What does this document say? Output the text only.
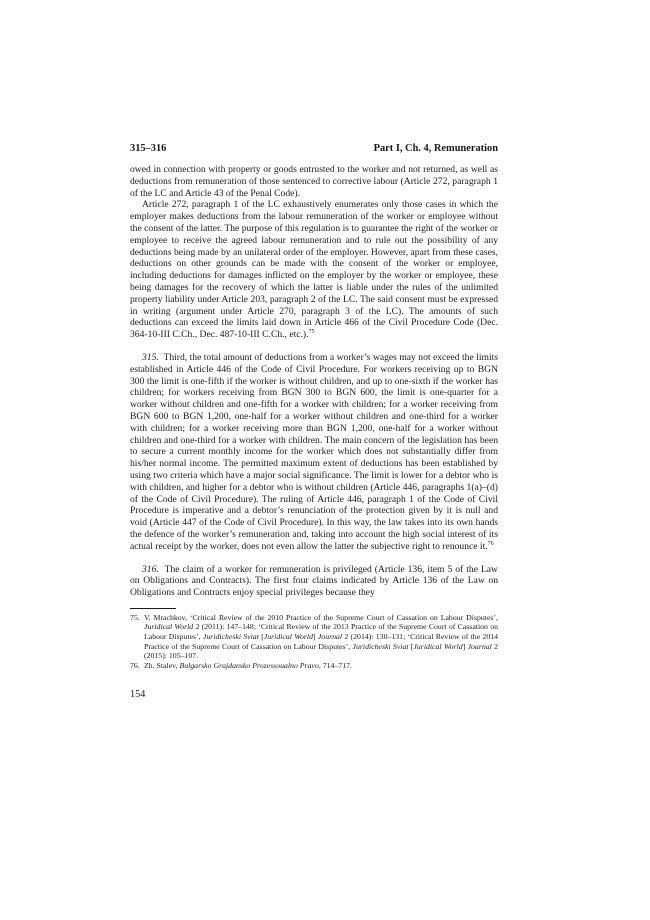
315–316	Part I, Ch. 4, Remuneration

owed in connection with property or goods entrusted to the worker and not returned, as well as deductions from remuneration of those sentenced to corrective labour (Article 272, paragraph 1 of the LC and Article 43 of the Penal Code).

Article 272, paragraph 1 of the LC exhaustively enumerates only those cases in which the employer makes deductions from the labour remuneration of the worker or employee without the consent of the latter. The purpose of this regulation is to guarantee the right of the worker or employee to receive the agreed labour remuneration and to rule out the possibility of any deductions being made by an unilateral order of the employer. However, apart from these cases, deductions on other grounds can be made with the consent of the worker or employee, including deductions for damages inflicted on the employer by the worker or employee, these being damages for the recovery of which the latter is liable under the rules of the unlimited property liability under Article 203, paragraph 2 of the LC. The said consent must be expressed in writing (argument under Article 270, paragraph 3 of the LC). The amounts of such deductions can exceed the limits laid down in Article 466 of the Civil Procedure Code (Dec. 364-10-III C.Ch., Dec. 487-10-III C.Ch., etc.).$^{75}$

315. Third, the total amount of deductions from a worker’s wages may not exceed the limits established in Article 446 of the Code of Civil Procedure. For workers receiving up to BGN 300 the limit is one-fifth if the worker is without children, and up to one-sixth if the worker has children; for workers receiving from BGN 300 to BGN 600, the limit is one-quarter for a worker without children and one-fifth for a worker with children; for a worker receiving from BGN 600 to BGN 1,200, one-half for a worker without children and one-third for a worker with children; for a worker receiving more than BGN 1,200, one-half for a worker without children and one-third for a worker with children. The main concern of the legislation has been to secure a current monthly income for the worker which does not substantially differ from his/her normal income. The permitted maximum extent of deductions has been established by using two criteria which have a major social significance. The limit is lower for a debtor who is with children, and higher for a debtor who is without children (Article 446, paragraphs 1(a)–(d) of the Code of Civil Procedure). The ruling of Article 446, paragraph 1 of the Code of Civil Procedure is imperative and a debtor’s renunciation of the protection given by it is null and void (Article 447 of the Code of Civil Procedure). In this way, the law takes into its own hands the defence of the worker’s remuneration and, taking into account the high social interest of its actual receipt by the worker, does not even allow the latter the subjective right to renounce it.$^{76}$

316. The claim of a worker for remuneration is privileged (Article 136, item 5 of the Law on Obligations and Contracts). The first four claims indicated by Article 136 of the Law on Obligations and Contracts enjoy special privileges because they

75. V. Mrachkov, ‘Critical Review of the 2010 Practice of the Supreme Court of Cassation on Labour Disputes’, Juridical World 2 (2011): 147–148; ‘Critical Review of the 2013 Practice of the Supreme Court of Cassation on Labour Disputes’, Juridicheski Sviat [Juridical World] Journal 2 (2014): 130–131; ‘Critical Review of the 2014 Practice of the Supreme Court of Cassation on Labour Disputes’, Juridicheski Sviat [Juridical World] Journal 2 (2015): 105–107.
76. Zh. Stalev, Bulgarsko Grajdansko Prozessoualno Pravo, 714–717.
154
